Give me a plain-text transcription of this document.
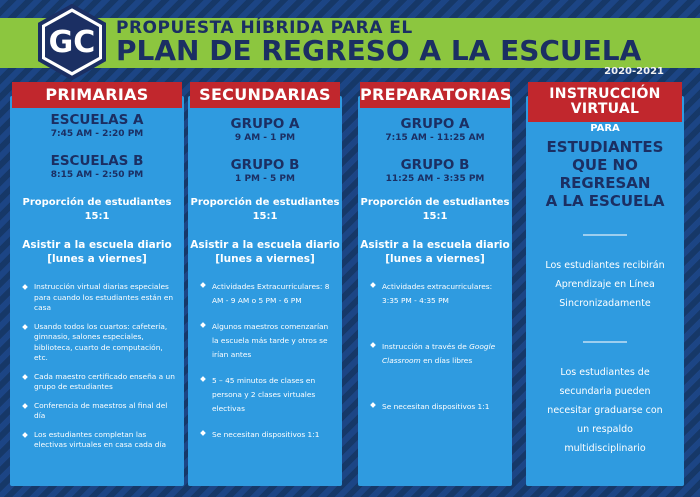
GC PROPUESTA HÍBRIDA PARA EL
PLAN DE REGRESO A LA ESCUELA
2020-2021
PRIMARIAS
ESCUELAS A
7:45 AM - 2:20 PM
ESCUELAS B
8:15 AM - 2:50 PM
Proporción de estudiantes
15:1
Asistir a la escuela diario
[lunes a viernes]
Instrucción virtual diarias especiales para cuando los estudiantes están en casa
Usando todos los cuartos: cafetería, gimnasio, salones especiales, biblioteca, cuarto de computación, etc.
Cada maestro certificado enseña a un grupo de estudiantes
Conferencia de maestros al final del día
Los estudiantes completan las electivas virtuales en casa cada día
SECUNDARIAS
GRUPO A
9 AM - 1 PM
GRUPO B
1 PM - 5 PM
Proporción de estudiantes
15:1
Asistir a la escuela diario
[lunes a viernes]
Actividades Extracurriculares: 8 AM - 9 AM o 5 PM - 6 PM
Algunos maestros comenzarían la escuela más tarde y otros se irían antes
5 – 45 minutos de clases en persona y 2 clases virtuales electivas
Se necesitan dispositivos 1:1
PREPARATORIAS
GRUPO A
7:15 AM - 11:25 AM
GRUPO B
11:25 AM - 3:35 PM
Proporción de estudiantes
15:1
Asistir a la escuela diario
[lunes a viernes]
Actividades extracurriculares: 3:35 PM - 4:35 PM
Instrucción a través de Google Classroom en días libres
Se necesitan dispositivos 1:1
INSTRUCCIÓN
VIRTUAL
PARA
ESTUDIANTES
QUE NO REGRESAN
A LA ESCUELA
Los estudiantes recibirán Aprendizaje en Línea Sincronizadamente
Los estudiantes de secundaria pueden necesitar graduarse con un respaldo multidisciplinario
